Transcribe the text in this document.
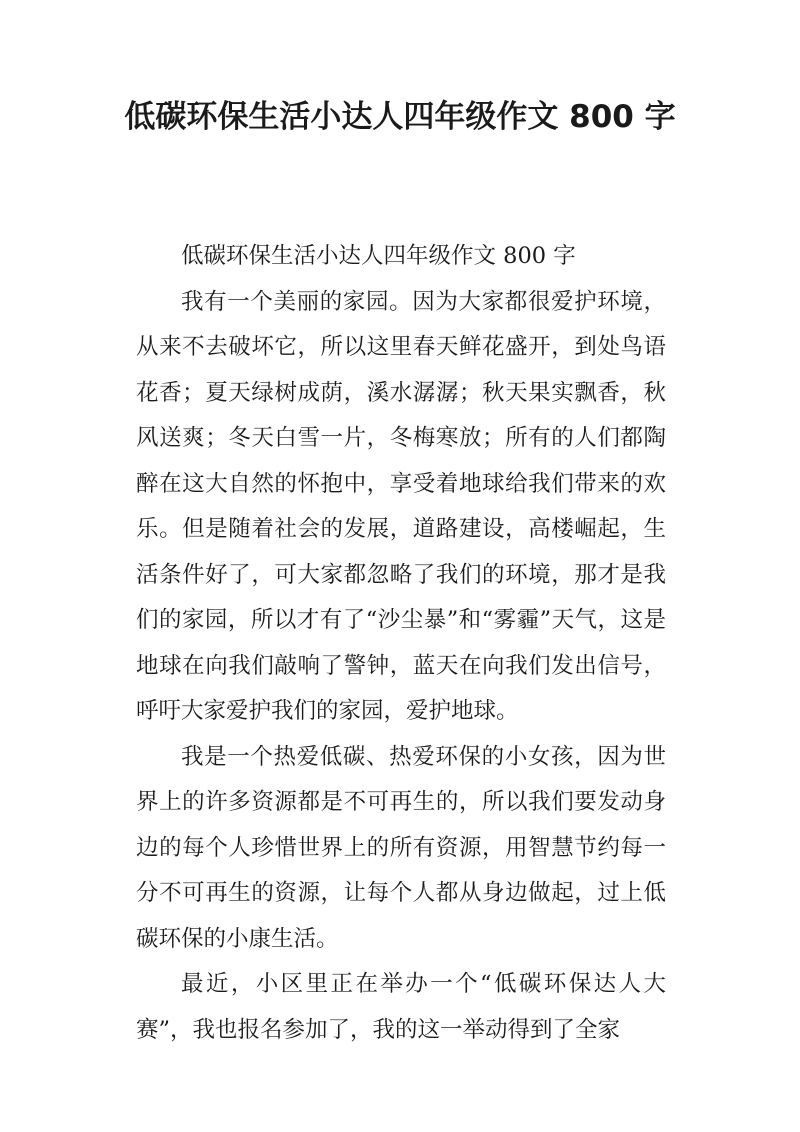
低碳环保生活小达人四年级作文 800 字

低碳环保生活小达人四年级作文 800 字

我有一个美丽的家园。因为大家都很爱护环境，从来不去破坏它，所以这里春天鲜花盛开，到处鸟语花香；夏天绿树成荫，溪水潺潺；秋天果实飘香，秋风送爽；冬天白雪一片，冬梅寒放；所有的人们都陶醉在这大自然的怀抱中，享受着地球给我们带来的欢乐。但是随着社会的发展，道路建设，高楼崛起，生活条件好了，可大家都忽略了我们的环境，那才是我们的家园，所以才有了“沙尘暴”和“雾霾”天气，这是地球在向我们敲响了警钟，蓝天在向我们发出信号，呼吁大家爱护我们的家园，爱护地球。

我是一个热爱低碳、热爱环保的小女孩，因为世界上的许多资源都是不可再生的，所以我们要发动身边的每个人珍惜世界上的所有资源，用智慧节约每一分不可再生的资源，让每个人都从身边做起，过上低碳环保的小康生活。

最近，小区里正在举办一个“低碳环保达人大赛”，我也报名参加了，我的这一举动得到了全家
